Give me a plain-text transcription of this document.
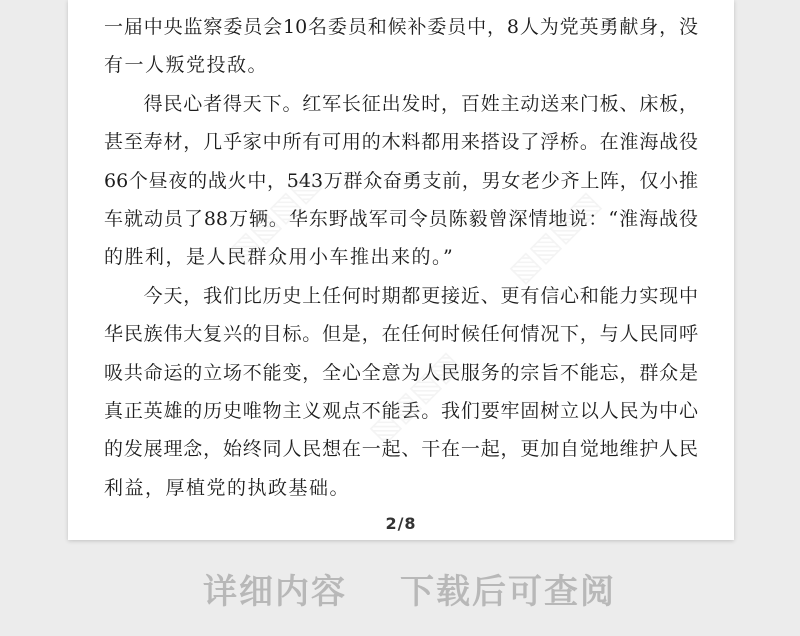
一届中央监察委员会10名委员和候补委员中，8人为党英勇献身，没
有一人叛党投敌。
　　得民心者得天下。红军长征出发时，百姓主动送来门板、床板，
甚至寿材，几乎家中所有可用的木料都用来搭设了浮桥。在淮海战役
66个昼夜的战火中，543万群众奋勇支前，男女老少齐上阵，仅小推
车就动员了88万辆。华东野战军司令员陈毅曾深情地说：“淮海战役
的胜利，是人民群众用小车推出来的。”
　　今天，我们比历史上任何时期都更接近、更有信心和能力实现中
华民族伟大复兴的目标。但是，在任何时候任何情况下，与人民同呼
吸共命运的立场不能变，全心全意为人民服务的宗旨不能忘，群众是
真正英雄的历史唯物主义观点不能丢。我们要牢固树立以人民为中心
的发展理念，始终同人民想在一起、干在一起，更加自觉地维护人民
利益，厚植党的执政基础。
▧▧▧▧	▧▧▧▧
▧▧▧▧
2/8
详细内容 下载后可查阅
